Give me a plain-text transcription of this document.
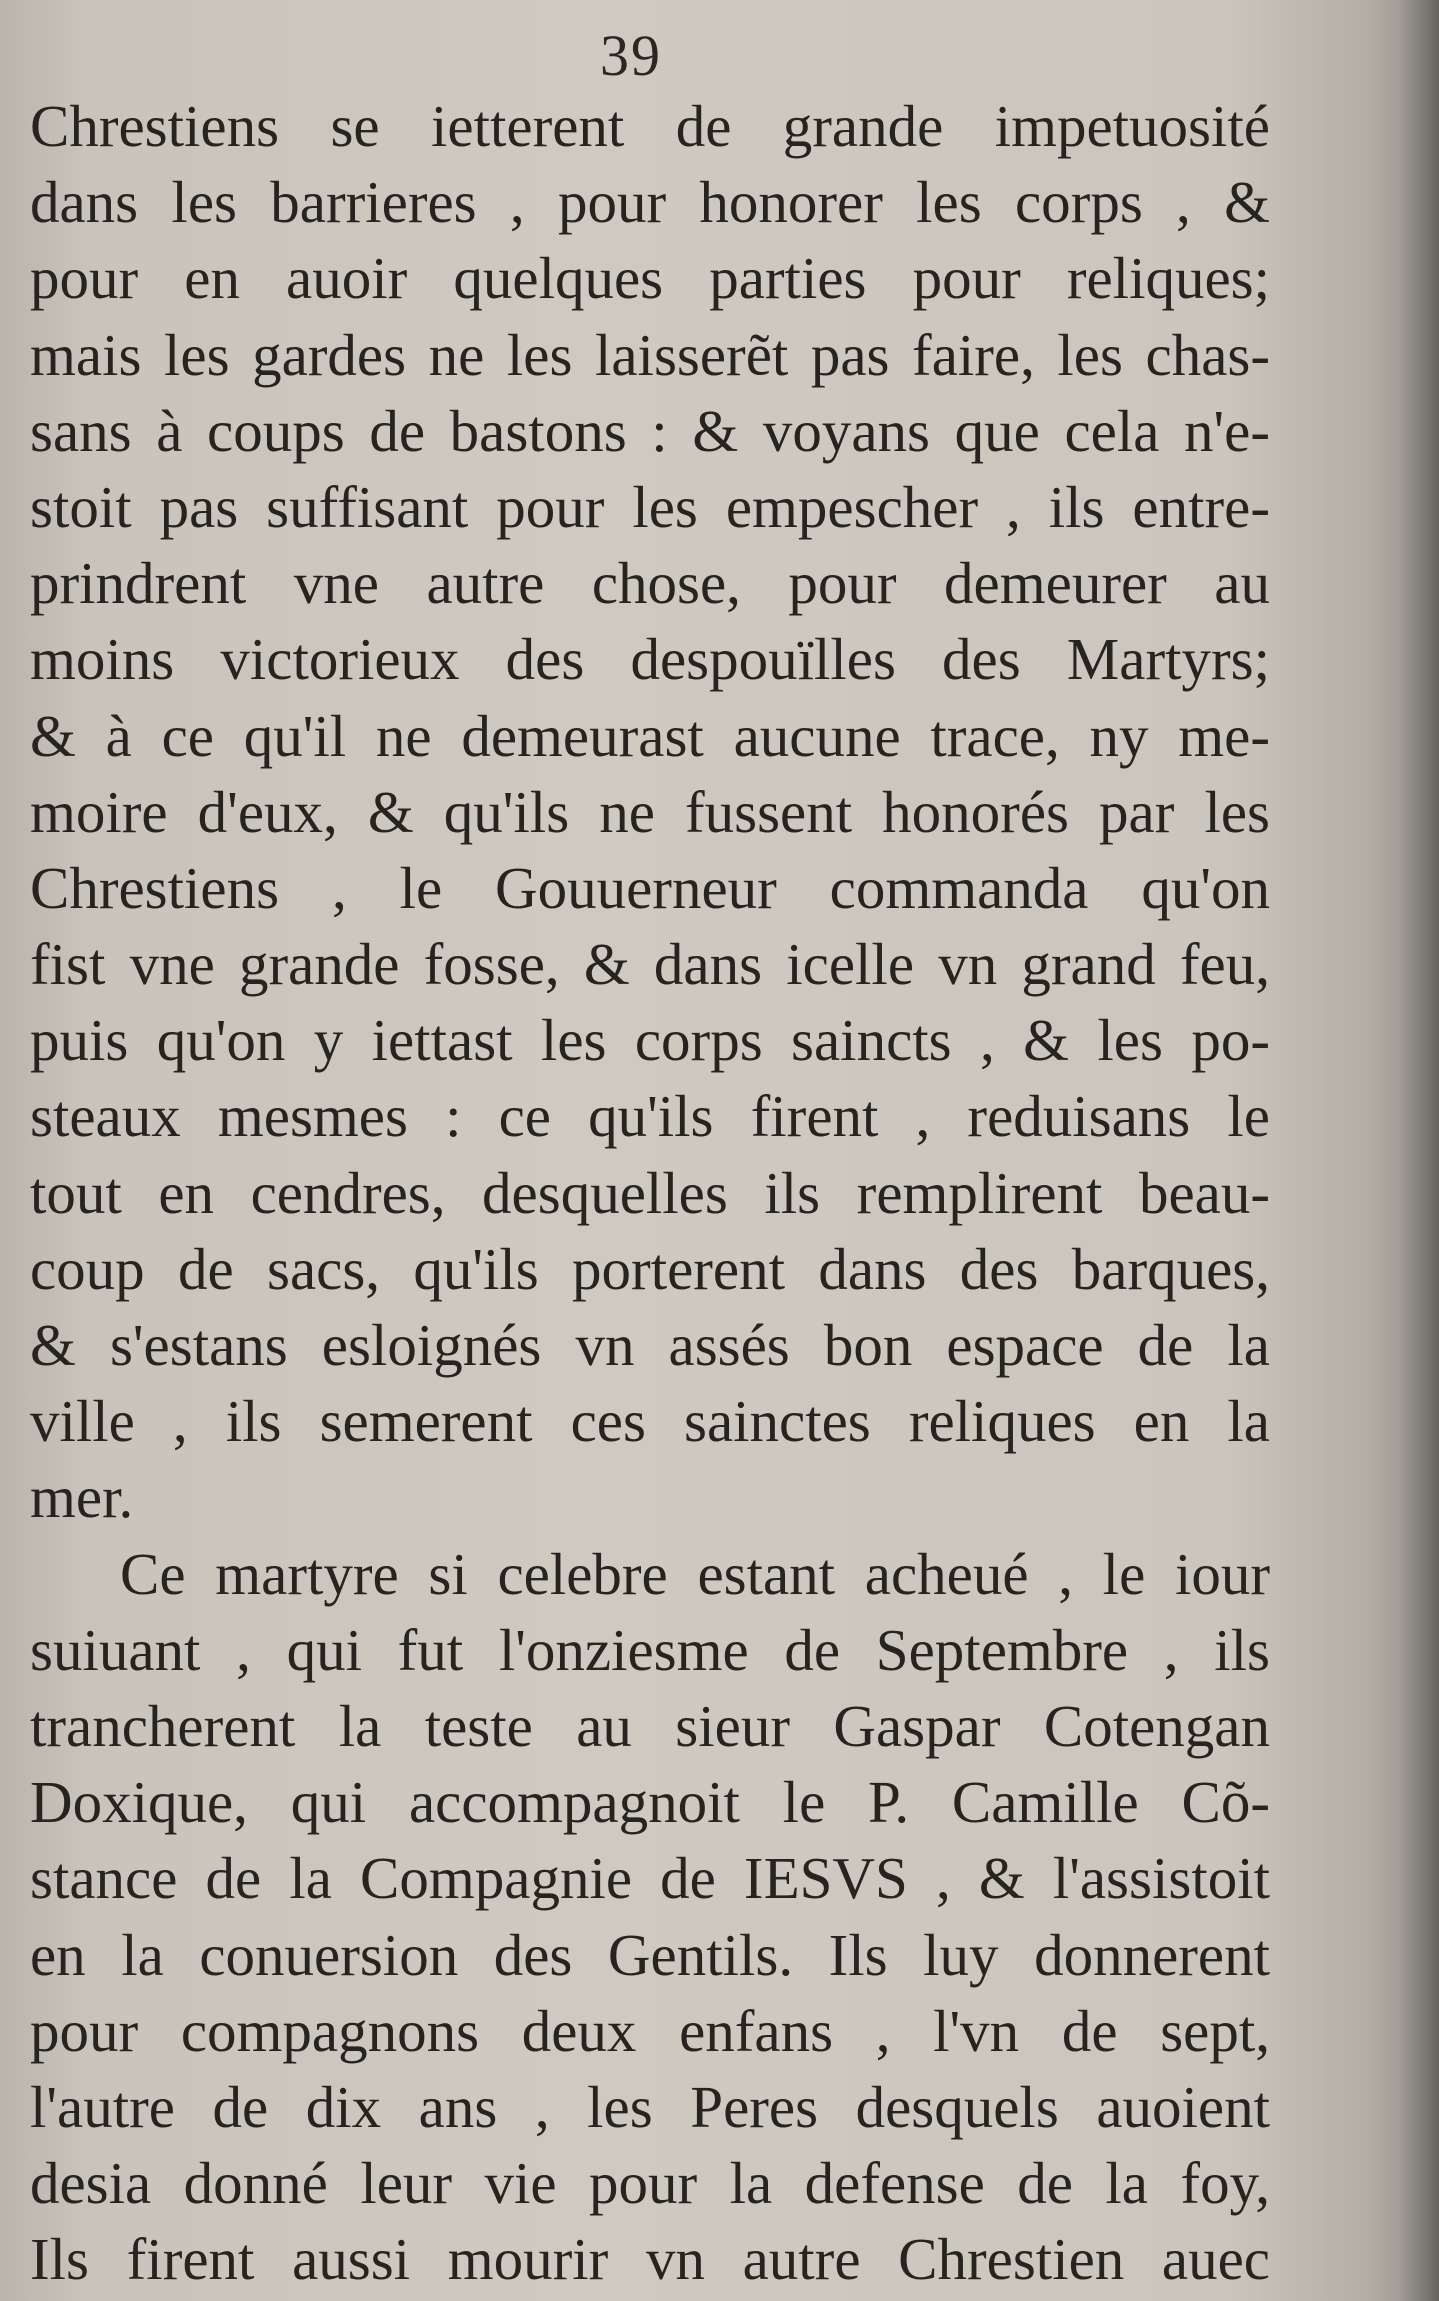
39
Chrestiens se ietterent de grande impetuosité
dans les barrieres , pour honorer les corps , &
pour en auoir quelques parties pour reliques;
mais les gardes ne les laisserẽt pas faire, les chas-
sans à coups de bastons : & voyans que cela n'e-
stoit pas suffisant pour les empescher , ils entre-
prindrent vne autre chose, pour demeurer au
moins victorieux des despouïlles des Martyrs;
& à ce qu'il ne demeurast aucune trace, ny me-
moire d'eux, & qu'ils ne fussent honorés par les
Chrestiens , le Gouuerneur commanda qu'on
fist vne grande fosse, & dans icelle vn grand feu,
puis qu'on y iettast les corps saincts , & les po-
steaux mesmes : ce qu'ils firent , reduisans le
tout en cendres, desquelles ils remplirent beau-
coup de sacs, qu'ils porterent dans des barques,
& s'estans esloignés vn assés bon espace de la
ville , ils semerent ces sainctes reliques en la
mer.
Ce martyre si celebre estant acheué , le iour
suiuant , qui fut l'onziesme de Septembre , ils
trancherent la teste au sieur Gaspar Cotengan
Doxique, qui accompagnoit le P. Camille Cõ-
stance de la Compagnie de IESVS , & l'assistoit
en la conuersion des Gentils. Ils luy donnerent
pour compagnons deux enfans , l'vn de sept,
l'autre de dix ans , les Peres desquels auoient
desia donné leur vie pour la defense de la foy,
Ils firent aussi mourir vn autre Chrestien auec
